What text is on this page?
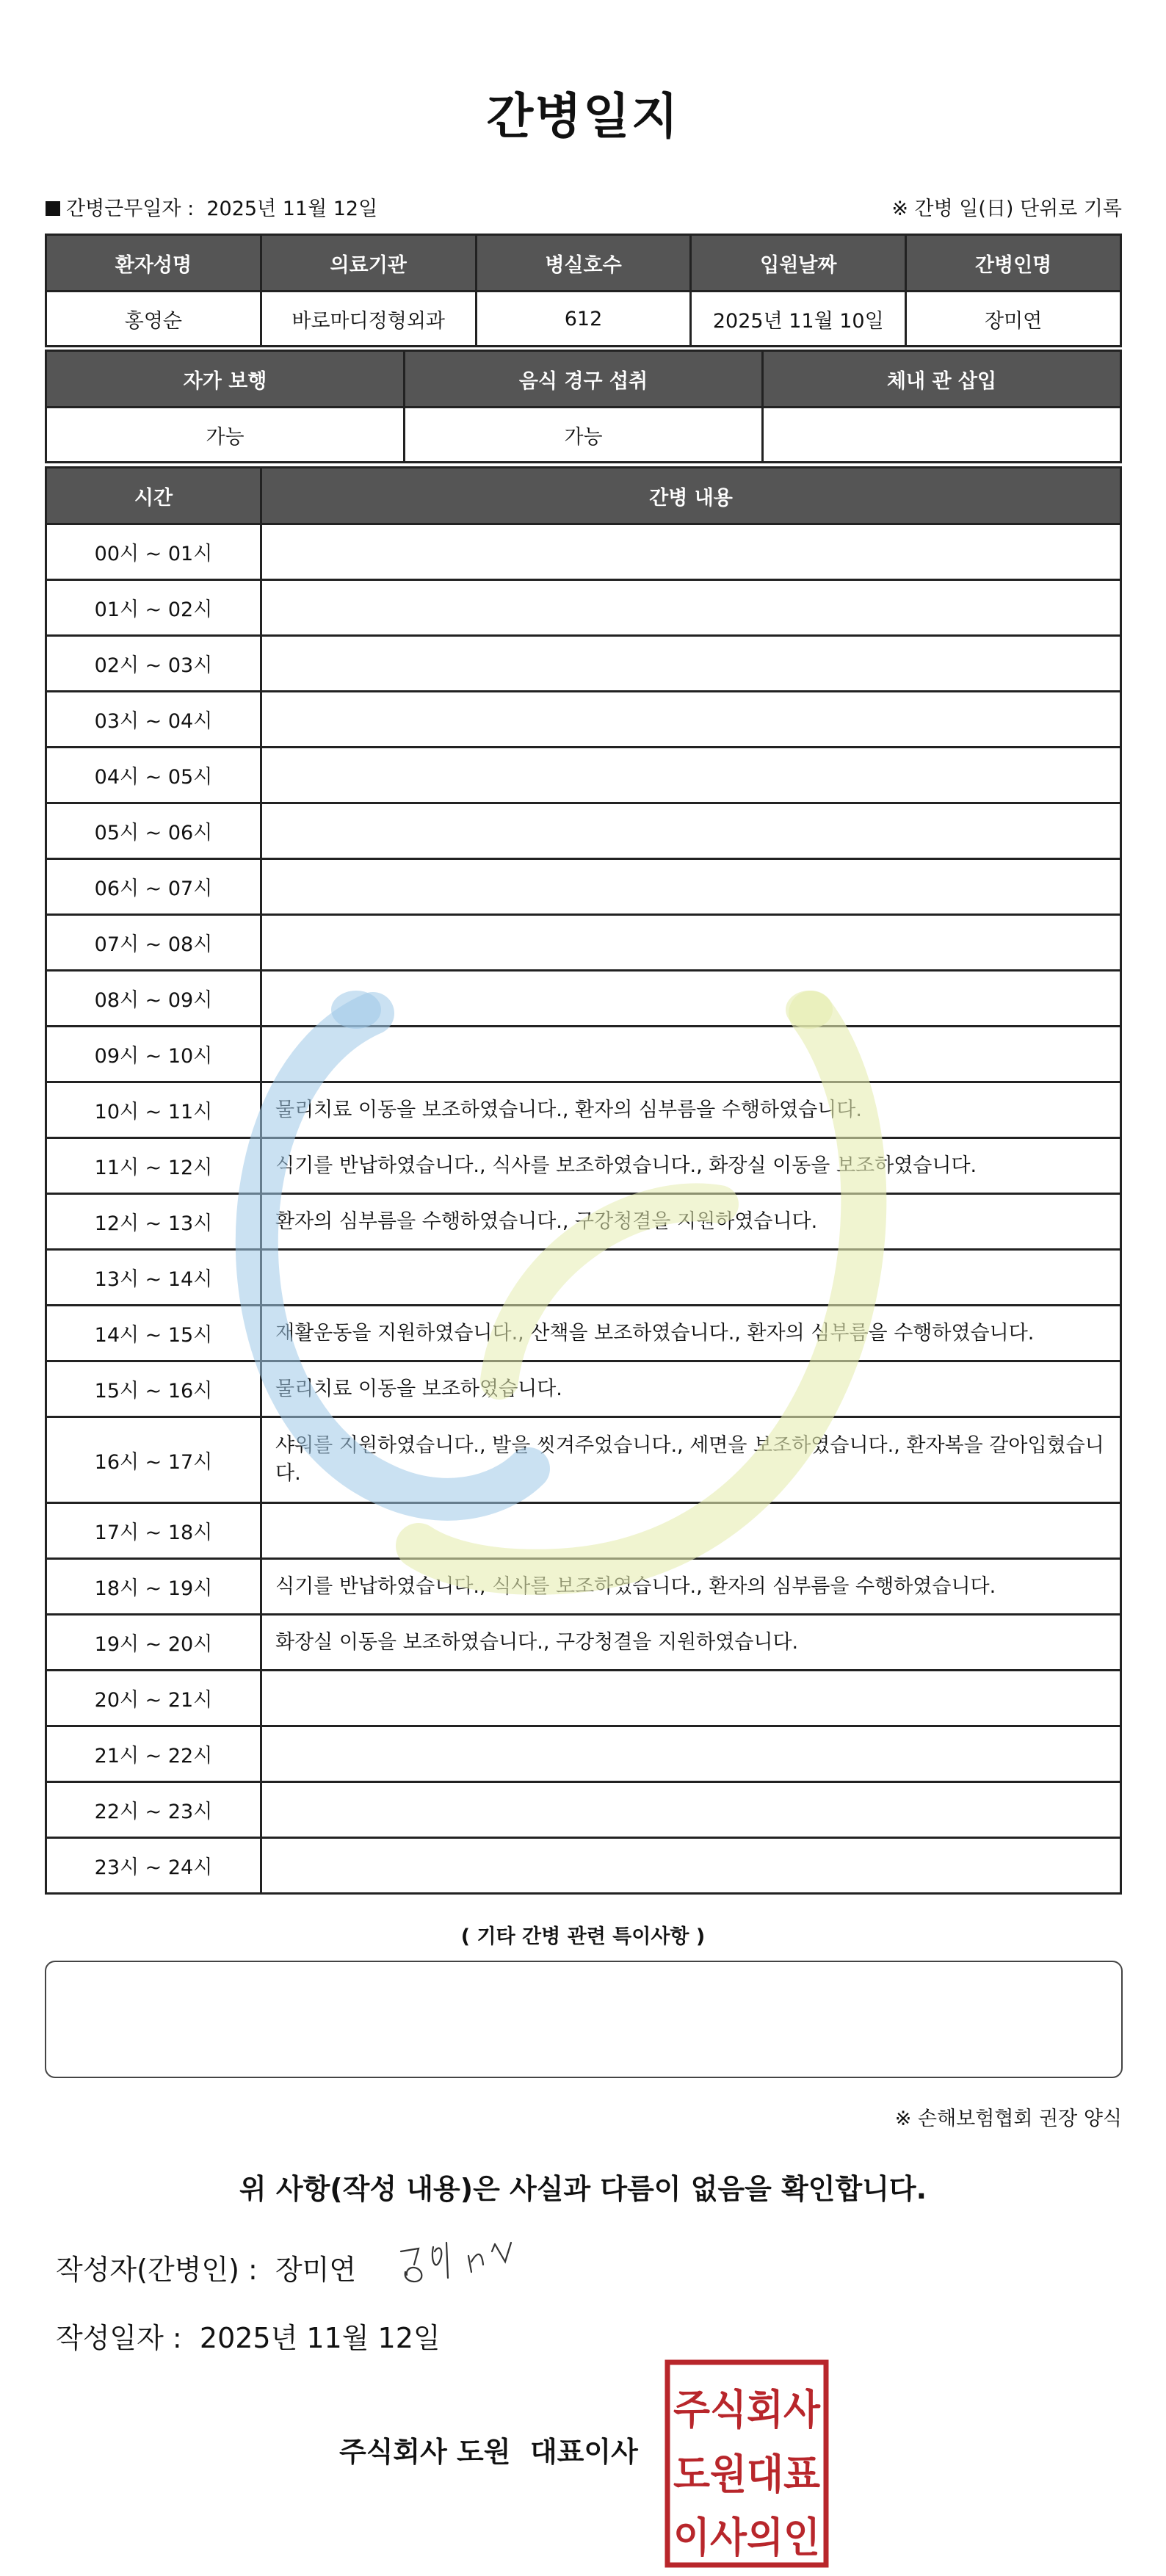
간병일지
간병근무일자 : 2025년 11월 12일	※ 간병 일(日) 단위로 기록
환자성명	의료기관	병실호수	입원날짜	간병인명
홍영순	바로마디정형외과	612	2025년 11월 10일	장미연
자가 보행	음식 경구 섭취	체내 관 삽입
가능	가능	
시간	간병 내용
00시 ~ 01시	
01시 ~ 02시	
02시 ~ 03시	
03시 ~ 04시	
04시 ~ 05시	
05시 ~ 06시	
06시 ~ 07시	
07시 ~ 08시	
08시 ~ 09시	
09시 ~ 10시	
10시 ~ 11시	물리치료 이동을 보조하였습니다., 환자의 심부름을 수행하였습니다.
11시 ~ 12시	식기를 반납하였습니다., 식사를 보조하였습니다., 화장실 이동을 보조하였습니다.
12시 ~ 13시	환자의 심부름을 수행하였습니다., 구강청결을 지원하였습니다.
13시 ~ 14시	
14시 ~ 15시	재활운동을 지원하였습니다., 산책을 보조하였습니다., 환자의 심부름을 수행하였습니다.
15시 ~ 16시	물리치료 이동을 보조하였습니다.
16시 ~ 17시	샤워를 지원하였습니다., 발을 씻겨주었습니다., 세면을 보조하였습니다., 환자복을 갈아입혔습니다.
17시 ~ 18시	
18시 ~ 19시	식기를 반납하였습니다., 식사를 보조하였습니다., 환자의 심부름을 수행하였습니다.
19시 ~ 20시	화장실 이동을 보조하였습니다., 구강청결을 지원하였습니다.
20시 ~ 21시	
21시 ~ 22시	
22시 ~ 23시	
23시 ~ 24시	
( 기타 간병 관련 특이사항 )
※ 손해보험협회 권장 양식
위 사항(작성 내용)은 사실과 다름이 없음을 확인합니다.
작성자(간병인) : 장미연
작성일자 : 2025년 11월 12일
주식회사 도원 대표이사
주식회사
도원대표
이사의인
